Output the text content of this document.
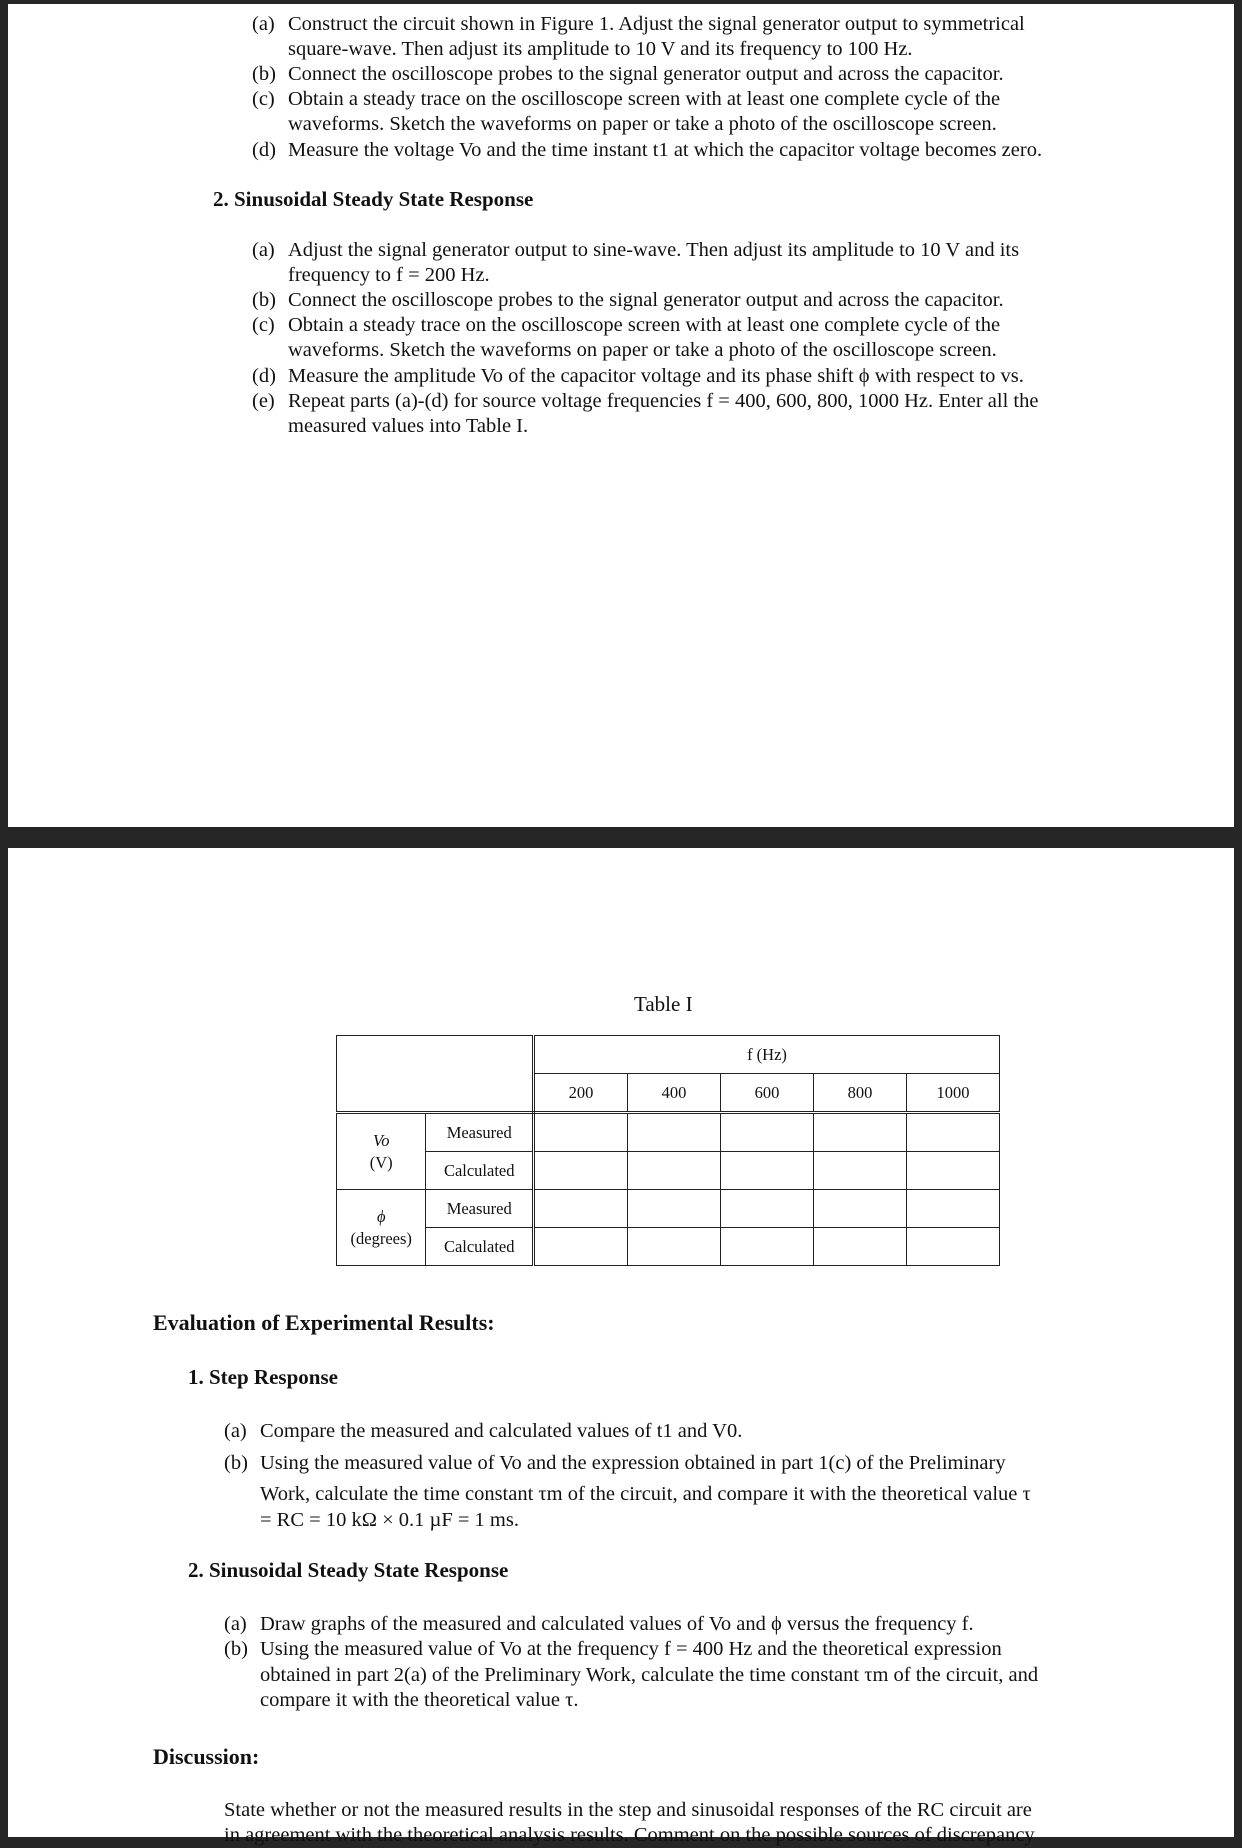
(a) Construct the circuit shown in Figure 1. Adjust the signal generator output to symmetrical
square-wave. Then adjust its amplitude to 10 V and its frequency to 100 Hz.
(b) Connect the oscilloscope probes to the signal generator output and across the capacitor.
(c) Obtain a steady trace on the oscilloscope screen with at least one complete cycle of the
waveforms. Sketch the waveforms on paper or take a photo of the oscilloscope screen.
(d) Measure the voltage Vo and the time instant t1 at which the capacitor voltage becomes zero.
2. Sinusoidal Steady State Response
(a) Adjust the signal generator output to sine-wave. Then adjust its amplitude to 10 V and its
frequency to f = 200 Hz.
(b) Connect the oscilloscope probes to the signal generator output and across the capacitor.
(c) Obtain a steady trace on the oscilloscope screen with at least one complete cycle of the
waveforms. Sketch the waveforms on paper or take a photo of the oscilloscope screen.
(d) Measure the amplitude Vo of the capacitor voltage and its phase shift ϕ with respect to vs.
(e) Repeat parts (a)-(d) for source voltage frequencies f = 400, 600, 800, 1000 Hz. Enter all the
measured values into Table I.
Table I
		f (Hz)				
		200	400	600	800	1000
Vo
(V)	Measured					
	Calculated					
ϕ
(degrees)	Measured					
	Calculated					
Evaluation of Experimental Results:
1. Step Response
(a) Compare the measured and calculated values of t1 and V0.
(b) Using the measured value of Vo and the expression obtained in part 1(c) of the Preliminary
Work, calculate the time constant τm of the circuit, and compare it with the theoretical value τ
= RC = 10 kΩ × 0.1 µF = 1 ms.
2. Sinusoidal Steady State Response
(a) Draw graphs of the measured and calculated values of Vo and ϕ versus the frequency f.
(b) Using the measured value of Vo at the frequency f = 400 Hz and the theoretical expression
obtained in part 2(a) of the Preliminary Work, calculate the time constant τm of the circuit, and
compare it with the theoretical value τ.
Discussion:
State whether or not the measured results in the step and sinusoidal responses of the RC circuit are
in agreement with the theoretical analysis results. Comment on the possible sources of discrepancy
